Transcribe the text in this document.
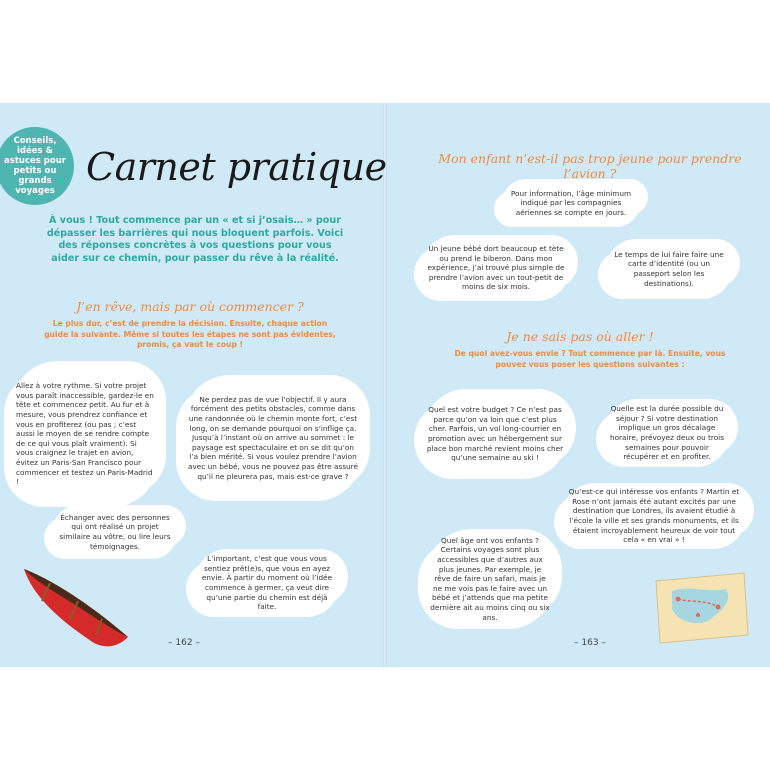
Conseils, idées & astuces pour petits ou grands voyages
Carnet pratique
À vous ! Tout commence par un « et si j’osais… » pour dépasser les barrières qui nous bloquent parfois. Voici des réponses concrètes à vos questions pour vous aider sur ce chemin, pour passer du rêve à la réalité.
J’en rêve, mais par où commencer ?
Le plus dur, c’est de prendre la décision. Ensuite, chaque action guide la suivante. Même si toutes les étapes ne sont pas évidentes, promis, ça vaut le coup !

Allez à votre rythme. Si votre projet vous paraît inaccessible, gardez-le en tête et commencez petit. Au fur et à mesure, vous prendrez confiance et vous en profiterez (ou pas ; c’est aussi le moyen de se rendre compte de ce qui vous plaît vraiment). Si vous craignez le trajet en avion, évitez un Paris-San Francisco pour commencer et testez un Paris-Madrid !

Ne perdez pas de vue l’objectif. Il y aura forcément des petits obstacles, comme dans une randonnée où le chemin monte fort, c’est long, on se demande pourquoi on s’inflige ça. Jusqu’à l’instant où on arrive au sommet : le paysage est spectaculaire et on se dit qu’on l’a bien mérité. Si vous voulez prendre l’avion avec un bébé, vous ne pouvez pas être assuré qu’il ne pleurera pas, mais est-ce grave ?

Échanger avec des personnes qui ont réalisé un projet similaire au vôtre, ou lire leurs témoignages.

L’important, c’est que vous vous sentiez prêt(e)s, que vous en ayez envie. À partir du moment où l’idée commence à germer, ça veut dire qu’une partie du chemin est déjà faite.

– 162 –
Mon enfant n’est-il pas trop jeune pour prendre l’avion ?

Pour information, l’âge minimum indiqué par les compagnies aériennes se compte en jours.

Un jeune bébé dort beaucoup et tète ou prend le biberon. Dans mon expérience, j’ai trouvé plus simple de prendre l’avion avec un tout-petit de moins de six mois.

Le temps de lui faire faire une carte d’identité (ou un passeport selon les destinations).

Je ne sais pas où aller !
De quoi avez-vous envie ? Tout commence par là. Ensuite, vous pouvez vous poser les questions suivantes :

Quel est votre budget ? Ce n’est pas parce qu’on va loin que c’est plus cher. Parfois, un vol long-courrier en promotion avec un hébergement sur place bon marché revient moins cher qu’une semaine au ski !

Quelle est la durée possible du séjour ? Si votre destination implique un gros décalage horaire, prévoyez deux ou trois semaines pour pouvoir récupérer et en profiter.

Qu’est-ce qui intéresse vos enfants ? Martin et Rose n’ont jamais été autant excités par une destination que Londres, ils avaient étudié à l’école la ville et ses grands monuments, et ils étaient incroyablement heureux de voir tout cela « en vrai » !

Quel âge ont vos enfants ? Certains voyages sont plus accessibles que d’autres aux plus jeunes. Par exemple, je rêve de faire un safari, mais je ne me vois pas le faire avec un bébé et j’attends que ma petite dernière ait au moins cinq ou six ans.

– 163 –
